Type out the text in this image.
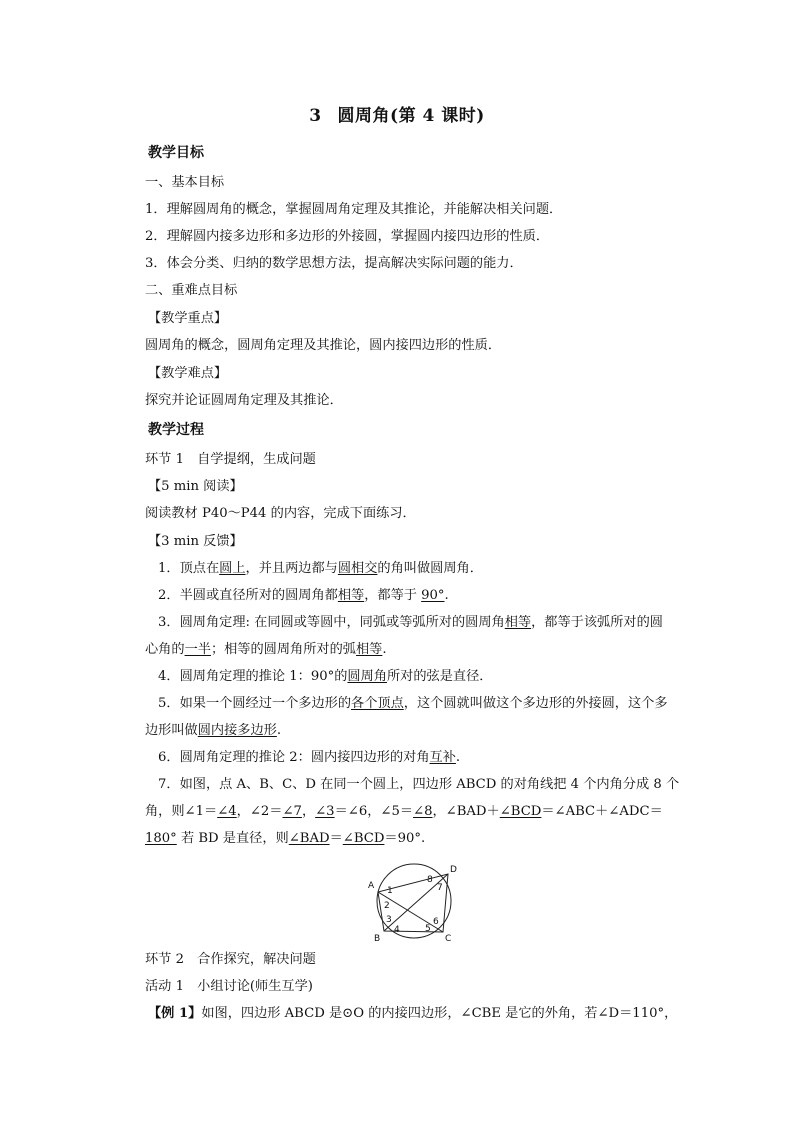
3 圆周角(第 4 课时)
教学目标
一、基本目标
1．理解圆周角的概念，掌握圆周角定理及其推论，并能解决相关问题．
2．理解圆内接多边形和多边形的外接圆，掌握圆内接四边形的性质．
3．体会分类、归纳的数学思想方法，提高解决实际问题的能力．
二、重难点目标
【教学重点】
圆周角的概念，圆周角定理及其推论，圆内接四边形的性质．
【教学难点】
探究并论证圆周角定理及其推论．
教学过程
环节 1　自学提纲，生成问题
【5 min 阅读】
阅读教材 P40～P44 的内容，完成下面练习．
【3 min 反馈】
1．顶点在圆上，并且两边都与圆相交的角叫做圆周角．
2．半圆或直径所对的圆周角都相等，都等于 90°.
3．圆周角定理: 在同圆或等圆中，同弧或等弧所对的圆周角相等，都等于该弧所对的圆
心角的一半；相等的圆周角所对的弧相等.
4．圆周角定理的推论 1：90°的圆周角所对的弦是直径．
5．如果一个圆经过一个多边形的各个顶点，这个圆就叫做这个多边形的外接圆，这个多
边形叫做圆内接多边形.
6．圆周角定理的推论 2：圆内接四边形的对角互补.
7．如图，点 A、B、C、D 在同一个圆上，四边形 ABCD 的对角线把 4 个内角分成 8 个
角，则∠1＝∠4，∠2＝∠7，∠3＝∠6，∠5＝∠8，∠BAD＋∠BCD＝∠ABC＋∠ADC＝
180° 若 BD 是直径，则∠BAD＝∠BCD＝90°.
A
B	C
D
1
2
3
4	5
6
7
8
环节 2　合作探究，解决问题
活动 1　小组讨论(师生互学)
【例 1】如图，四边形 ABCD 是⊙O 的内接四边形，∠CBE 是它的外角，若∠D＝110°，
